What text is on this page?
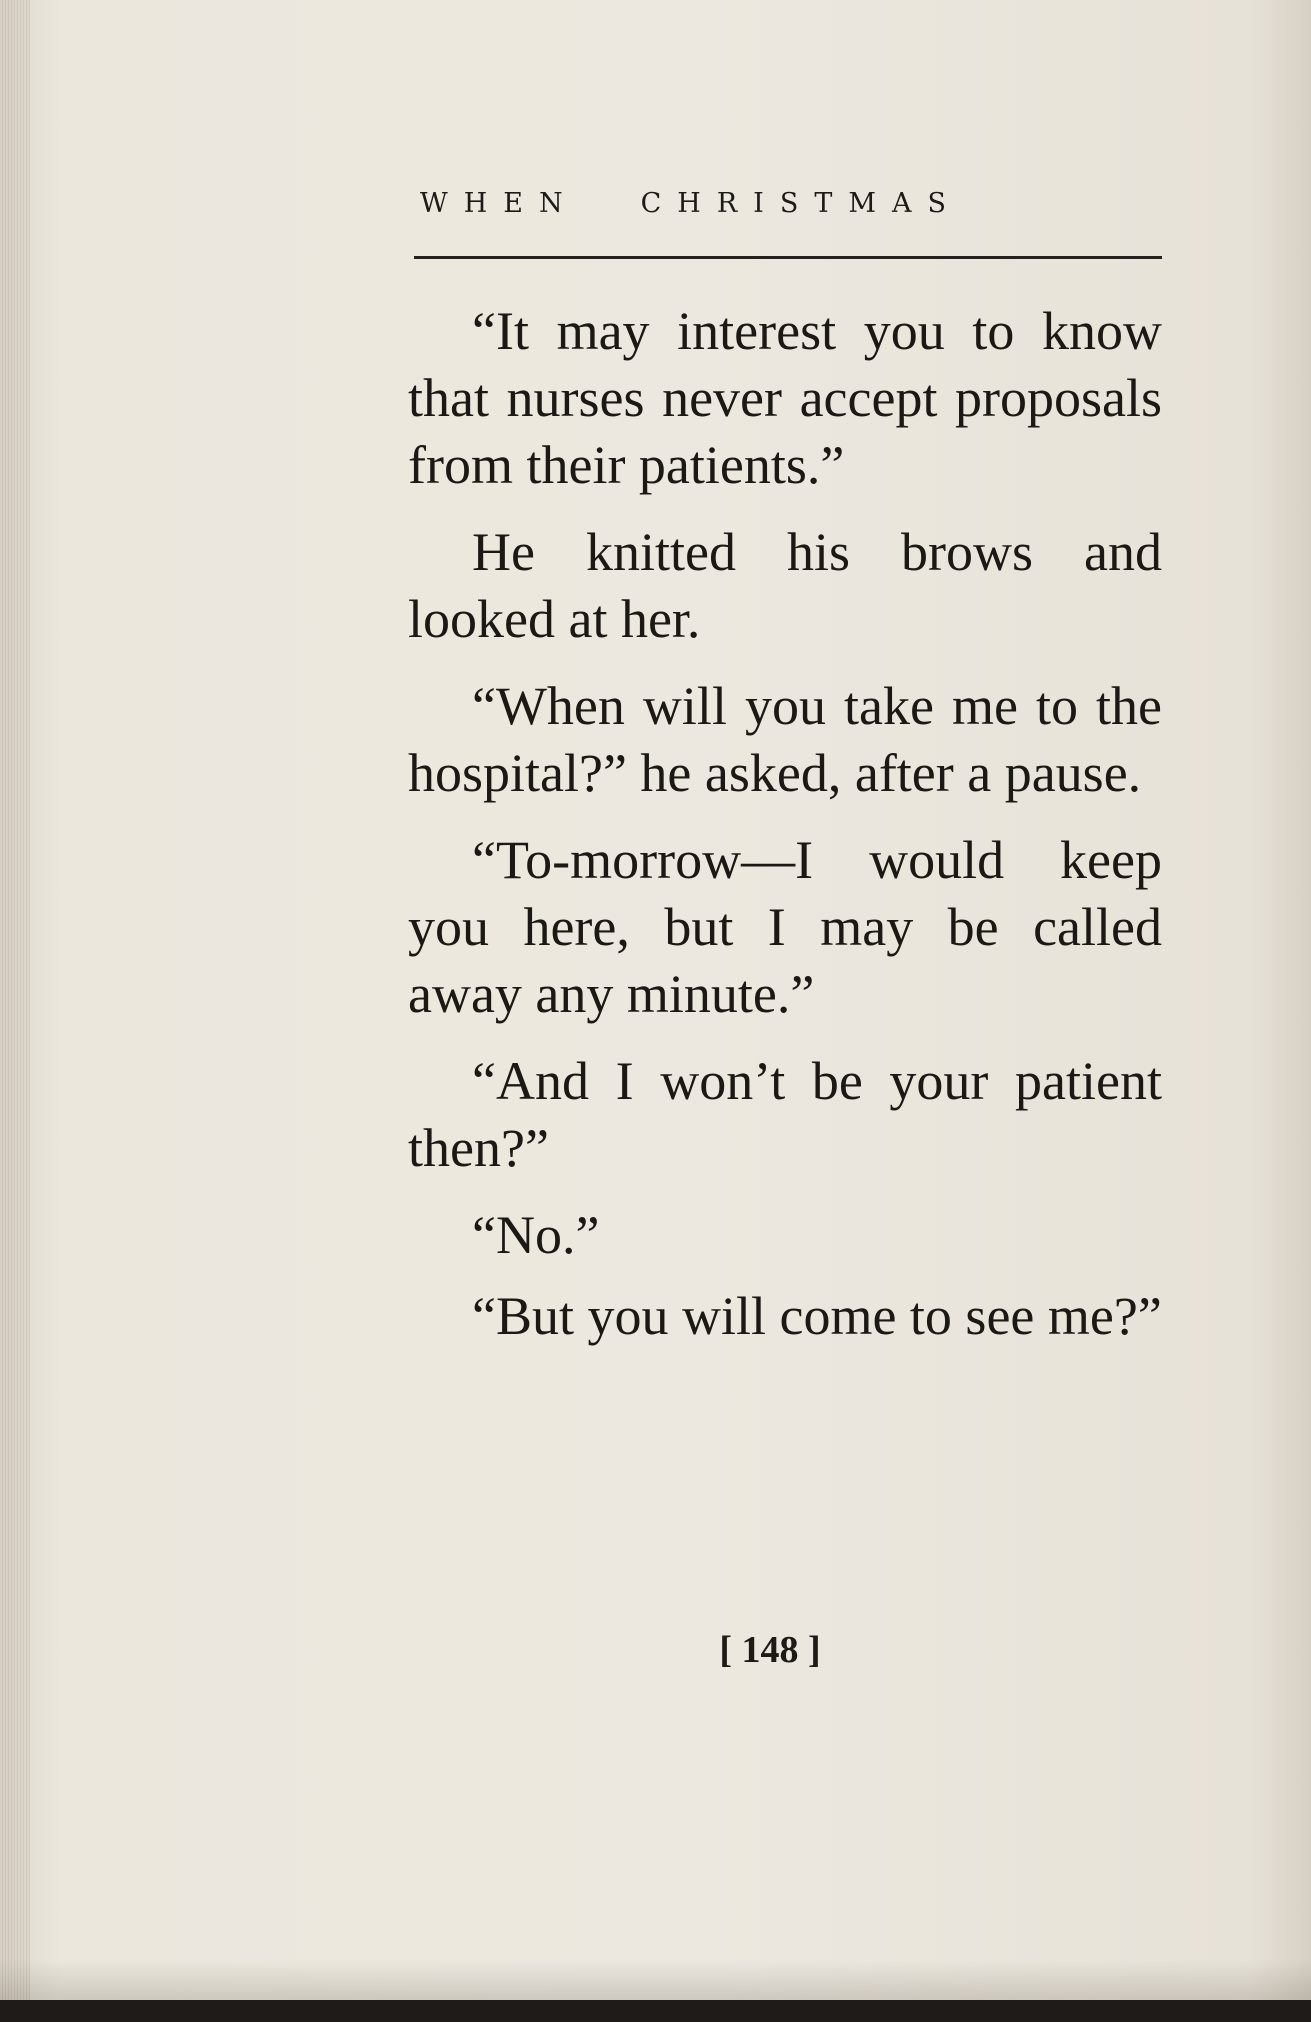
WHEN CHRISTMAS

“It may interest you to know that nurses never accept proposals from their patients.”

He knitted his brows and looked at her.

“When will you take me to the hospital?” he asked, after a pause.

“To-morrow—I would keep you here, but I may be called away any minute.”

“And I won’t be your patient then?”

“No.”

“But you will come to see me?”

[ 148 ]
